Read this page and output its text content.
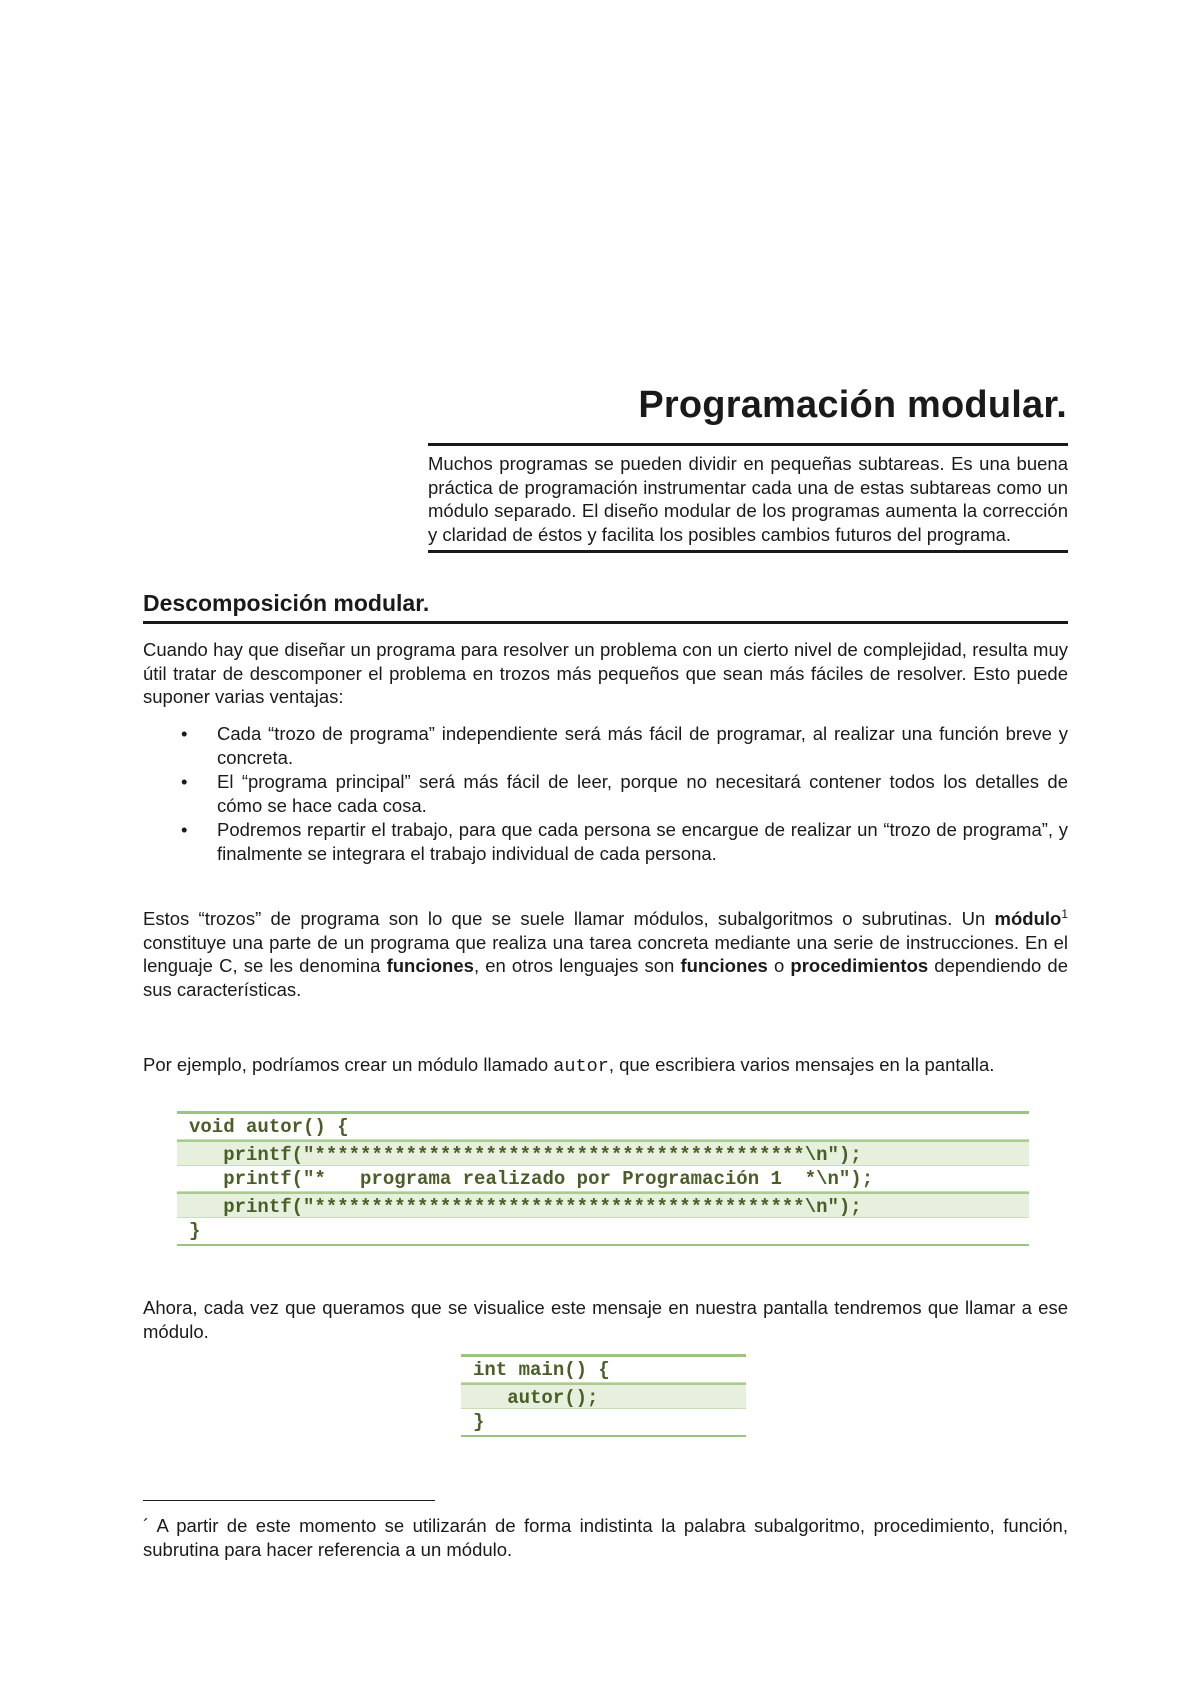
Programación modular.
Muchos programas se pueden dividir en pequeñas subtareas. Es una buena práctica de programación instrumentar cada una de estas subtareas como un módulo separado. El diseño modular de los programas aumenta la corrección y claridad de éstos y facilita los posibles cambios futuros del programa.
Descomposición modular.

Cuando hay que diseñar un programa para resolver un problema con un cierto nivel de complejidad, resulta muy útil tratar de descomponer el problema en trozos más pequeños que sean más fáciles de resolver. Esto puede suponer varias ventajas:

• Cada “trozo de programa” independiente será más fácil de programar, al realizar una función breve y concreta.
• El “programa principal” será más fácil de leer, porque no necesitará contener todos los detalles de cómo se hace cada cosa.
• Podremos repartir el trabajo, para que cada persona se encargue de realizar un “trozo de programa”, y finalmente se integrara el trabajo individual de cada persona.

Estos “trozos” de programa son lo que se suele llamar módulos, subalgoritmos o subrutinas. Un módulo$^1$ constituye una parte de un programa que realiza una tarea concreta mediante una serie de instrucciones. En el lenguaje C, se les denomina funciones, en otros lenguajes son funciones o procedimientos dependiendo de sus características.

Por ejemplo, podríamos crear un módulo llamado autor, que escribiera varios mensajes en la pantalla.

void autor() {
printf("*******************************************\n");
printf("*   programa realizado por Programación 1  *\n");
printf("*******************************************\n");
}

Ahora, cada vez que queramos que se visualice este mensaje en nuestra pantalla tendremos que llamar a ese módulo.

int main() {
autor();
}

´ A partir de este momento se utilizarán de forma indistinta la palabra subalgoritmo, procedimiento, función, subrutina para hacer referencia a un módulo.
